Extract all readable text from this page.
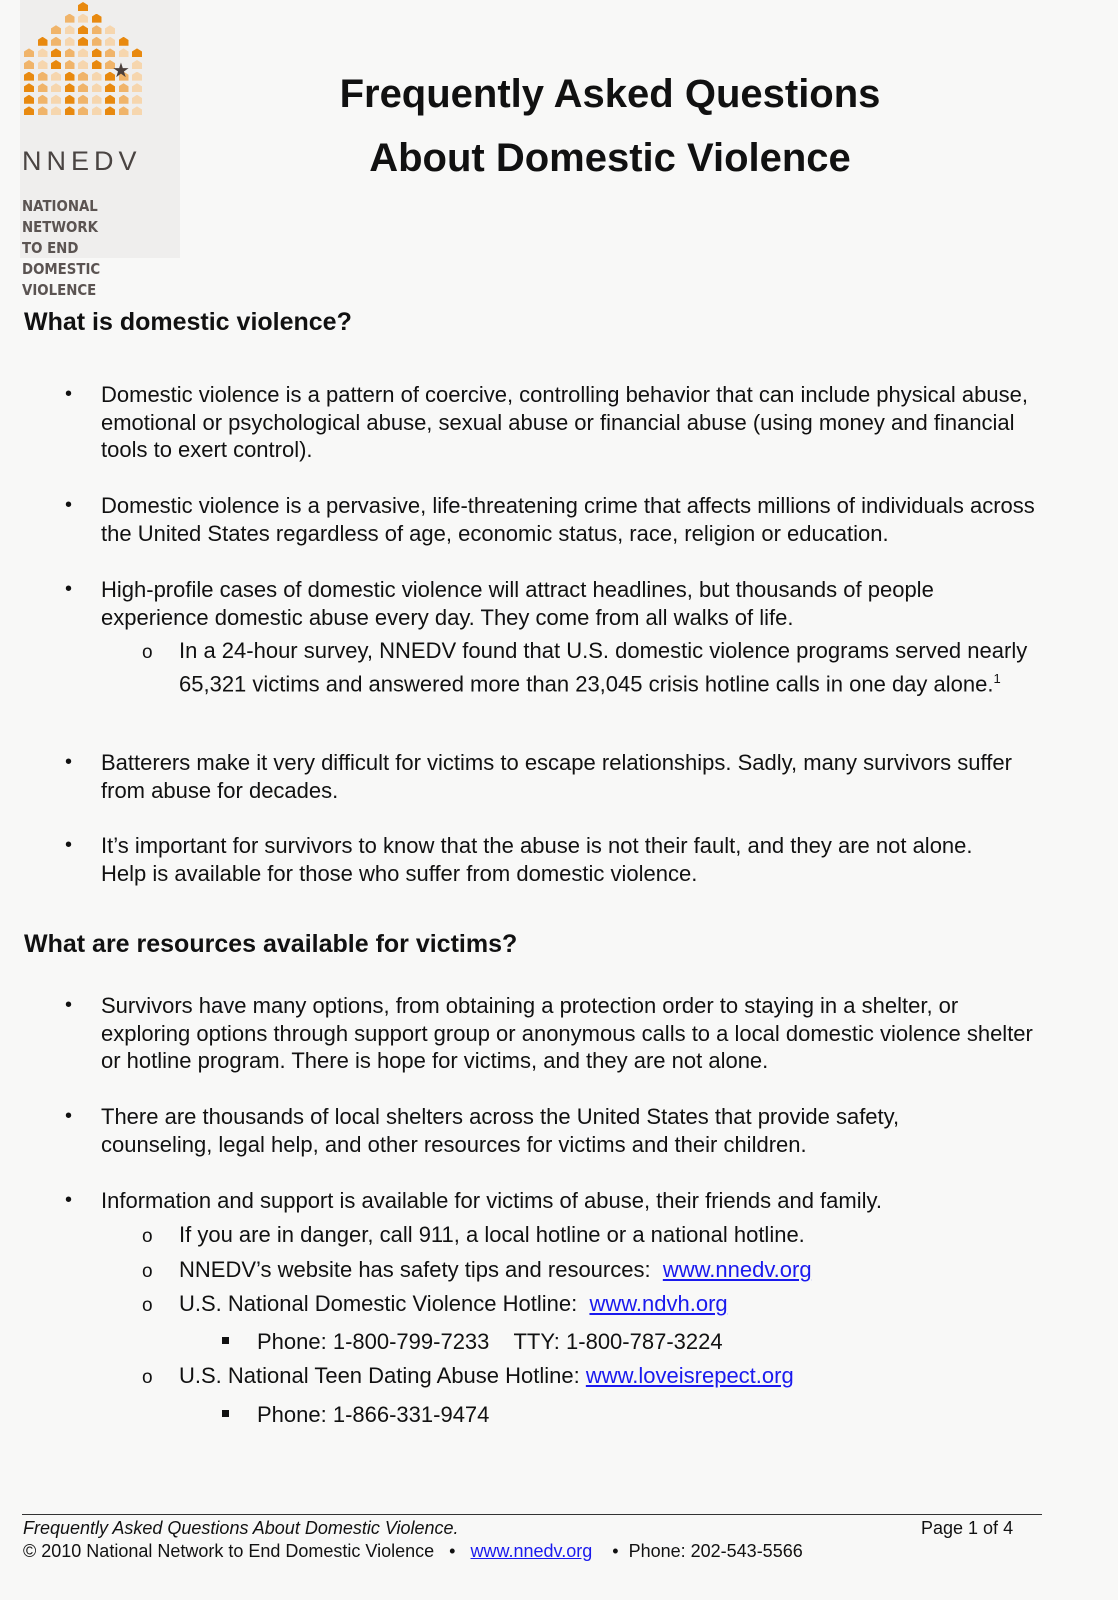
★
NNEDV
NATIONAL NETWORK
TO END DOMESTIC
VIOLENCE
Frequently Asked Questions
About Domestic Violence
What is domestic violence?
• Domestic violence is a pattern of coercive, controlling behavior that can include physical abuse, emotional or psychological abuse, sexual abuse or financial abuse (using money and financial tools to exert control).
• Domestic violence is a pervasive, life-threatening crime that affects millions of individuals across the United States regardless of age, economic status, race, religion or education.
• High-profile cases of domestic violence will attract headlines, but thousands of people experience domestic abuse every day. They come from all walks of life.
o In a 24-hour survey, NNEDV found that U.S. domestic violence programs served nearly 65,321 victims and answered more than 23,045 crisis hotline calls in one day alone.$^1$
• Batterers make it very difficult for victims to escape relationships. Sadly, many survivors suffer from abuse for decades.
• It’s important for survivors to know that the abuse is not their fault, and they are not alone. Help is available for those who suffer from domestic violence.
What are resources available for victims?
• Survivors have many options, from obtaining a protection order to staying in a shelter, or exploring options through support group or anonymous calls to a local domestic violence shelter or hotline program. There is hope for victims, and they are not alone.
• There are thousands of local shelters across the United States that provide safety, counseling, legal help, and other resources for victims and their children.
• Information and support is available for victims of abuse, their friends and family.
o If you are in danger, call 911, a local hotline or a national hotline.
o NNEDV’s website has safety tips and resources:  www.nnedv.org
o U.S. National Domestic Violence Hotline:  www.ndvh.org
Phone: 1-800-799-7233    TTY: 1-800-787-3224
o U.S. National Teen Dating Abuse Hotline: www.loveisrepect.org
Phone: 1-866-331-9474
Frequently Asked Questions About Domestic Violence.	Page 1 of 4
© 2010 National Network to End Domestic Violence • www.nnedv.org • Phone: 202-543-5566
